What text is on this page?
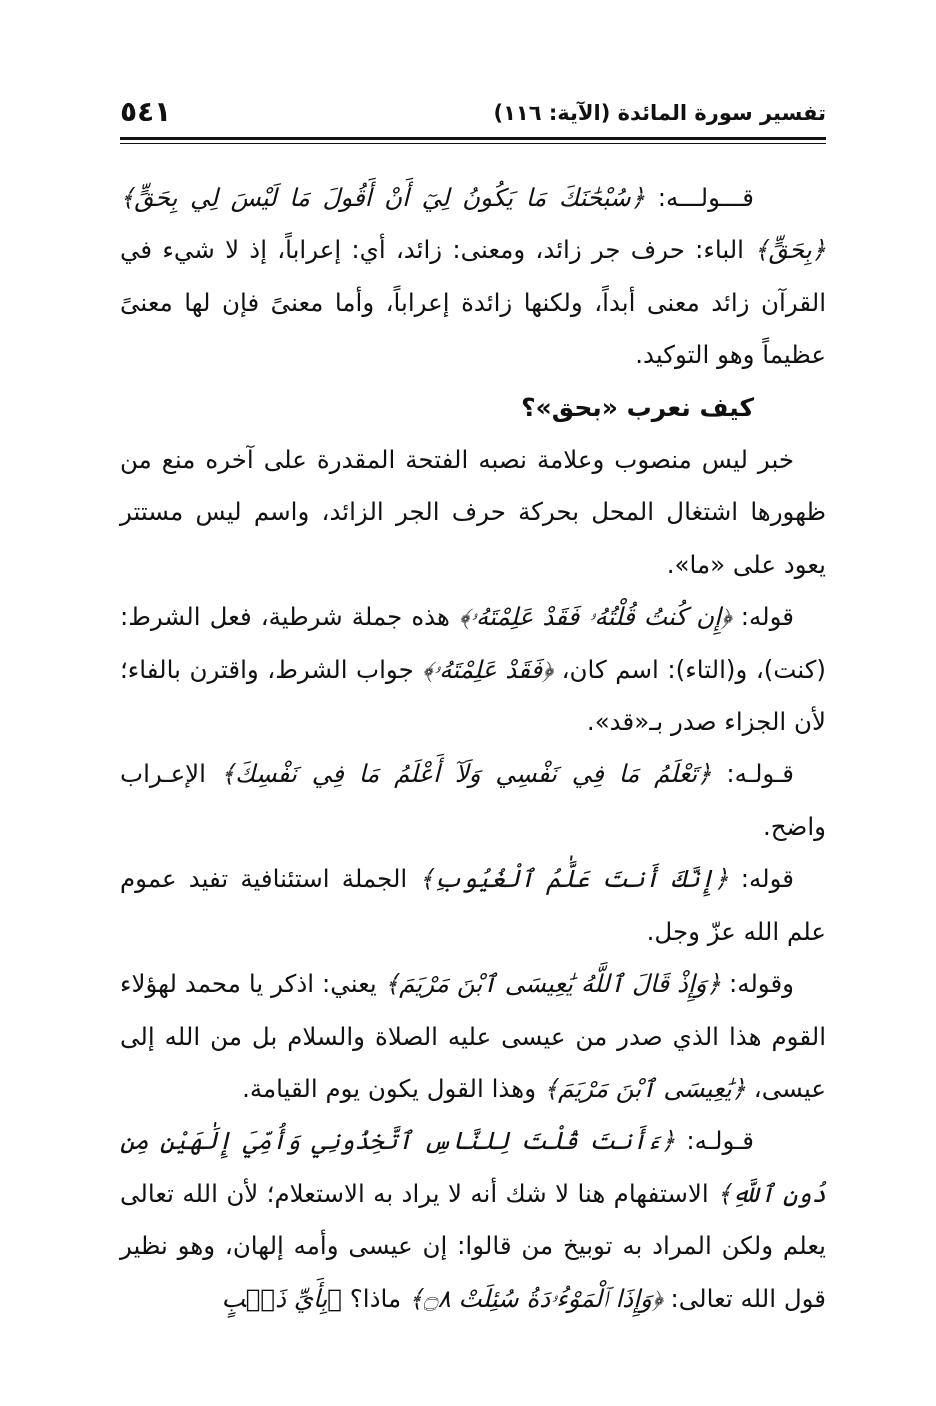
تفسير سورة المائدة (الآية: ١١٦)
٥٤١

قـــولـــه: ﴿سُبْحَٰنَكَ مَا يَكُونُ لِيٓ أَنْ أَقُولَ مَا لَيْسَ لِي بِحَقٍّ﴾ ﴿بِحَقٍّ﴾ الباء: حرف جر زائد، ومعنى: زائد، أي: إعراباً، إذ لا شيء في القرآن زائد معنى أبداً، ولكنها زائدة إعراباً، وأما معنىً فإن لها معنىً عظيماً وهو التوكيد.

كيف نعرب «بحق»؟

خبر ليس منصوب وعلامة نصبه الفتحة المقدرة على آخره منع من ظهورها اشتغال المحل بحركة حرف الجر الزائد، واسم ليس مستتر يعود على «ما».

قوله: ﴿إِن كُنتُ قُلْتُهُۥ فَقَدْ عَلِمْتَهُۥ﴾ هذه جملة شرطية، فعل الشرط: (كنت)، و(التاء): اسم كان، ﴿فَقَدْ عَلِمْتَهُۥ﴾ جواب الشرط، واقترن بالفاء؛ لأن الجزاء صدر بـ«قد».

قـولـه: ﴿تَعْلَمُ مَا فِي نَفْسِي وَلَآ أَعْلَمُ مَا فِي نَفْسِكَ﴾ الإعـراب واضح.

قوله: ﴿إِنَّكَ أَنتَ عَلَّٰمُ ٱلْغُيُوبِ﴾ الجملة استئنافية تفيد عموم علم الله عزّ وجل.

وقوله: ﴿وَإِذْ قَالَ ٱللَّهُ يَٰعِيسَى ٱبْنَ مَرْيَمَ﴾ يعني: اذكر يا محمد لهؤلاء القوم هذا الذي صدر من عيسى عليه الصلاة والسلام بل من الله إلى عيسى، ﴿يَٰعِيسَى ٱبْنَ مَرْيَمَ﴾ وهذا القول يكون يوم القيامة.

قـولـه: ﴿ءَأَنتَ قُلْتَ لِلنَّاسِ ٱتَّخِذُونِي وَأُمِّيَ إِلَٰهَيْنِ مِن دُونِ ٱللَّهِ﴾ الاستفهام هنا لا شك أنه لا يراد به الاستعلام؛ لأن الله تعالى يعلم ولكن المراد به توبيخ من قالوا: إن عيسى وأمه إلهان، وهو نظير قول الله تعالى: ﴿وَإِذَا ٱلْمَوْءُۥدَةُ سُئِلَتْ ۝٨﴾ ماذا؟ ﴿بِأَيِّ ذَنۢبٍ
